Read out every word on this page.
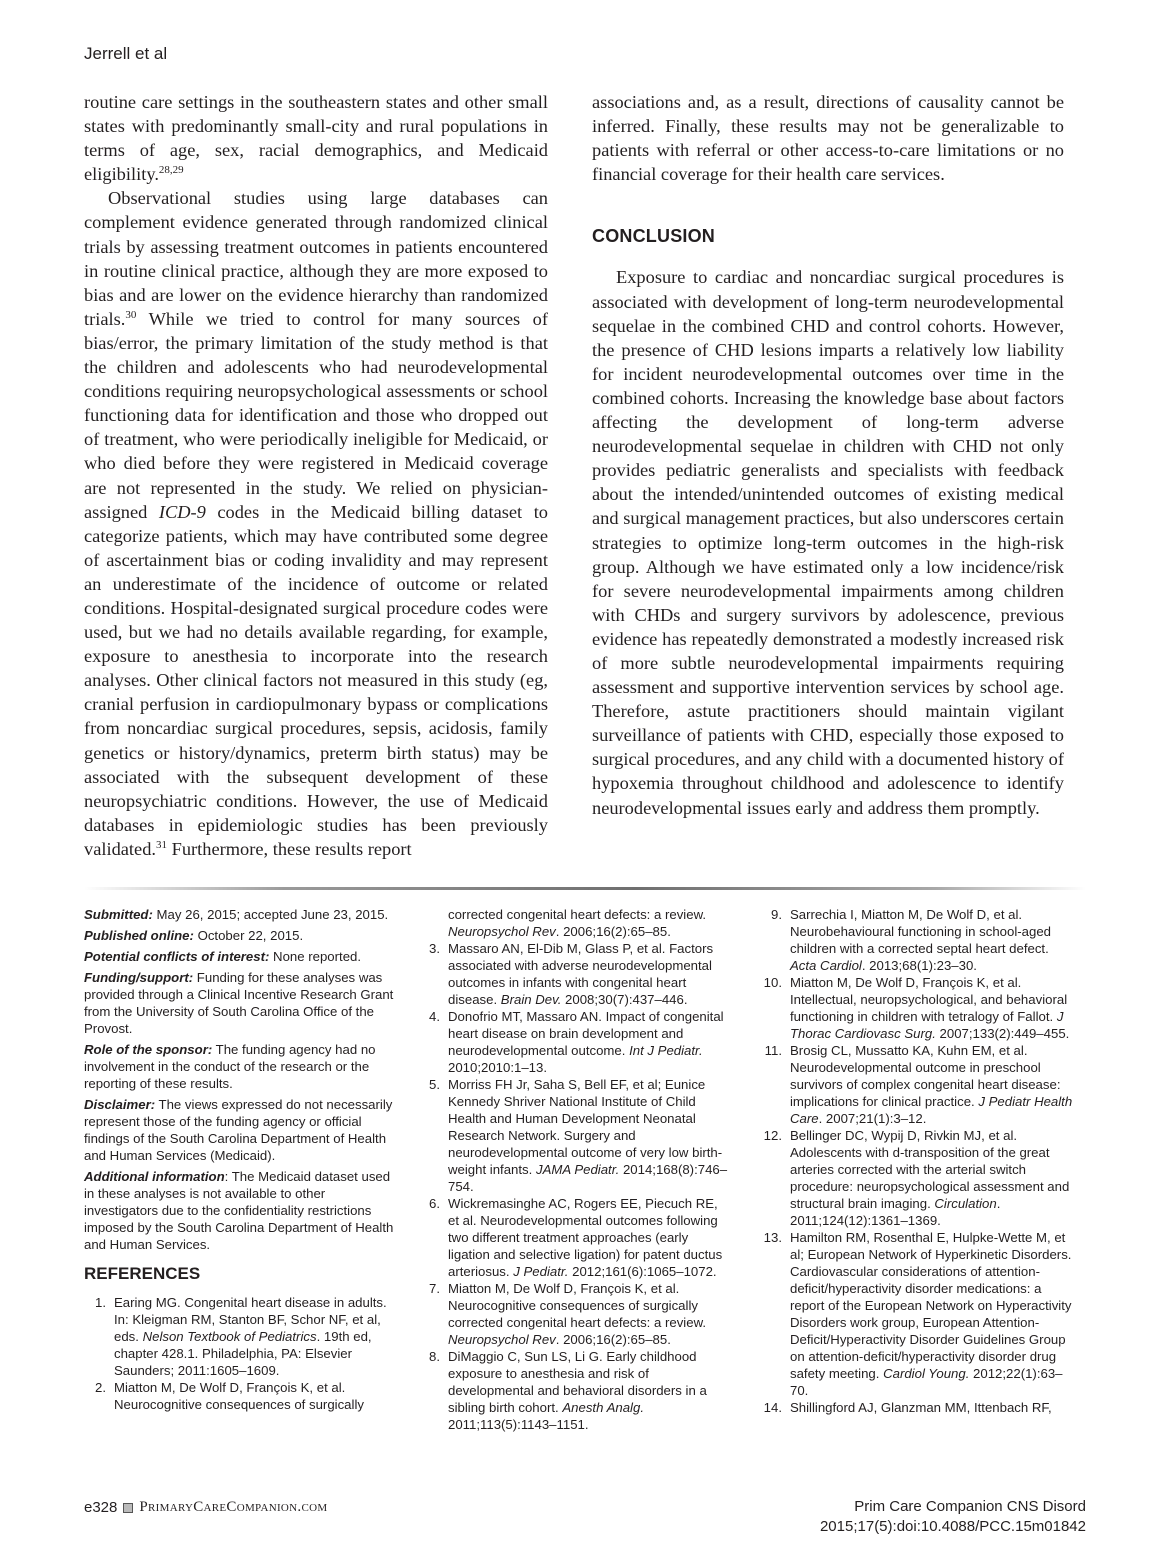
Jerrell et al

routine care settings in the southeastern states and other small states with predominantly small-city and rural populations in terms of age, sex, racial demographics, and Medicaid eligibility.$^{28,29}$

Observational studies using large databases can complement evidence generated through randomized clinical trials by assessing treatment outcomes in patients encountered in routine clinical practice, although they are more exposed to bias and are lower on the evidence hierarchy than randomized trials.$^{30}$ While we tried to control for many sources of bias/error, the primary limitation of the study method is that the children and adolescents who had neurodevelopmental conditions requiring neuropsychological assessments or school functioning data for identification and those who dropped out of treatment, who were periodically ineligible for Medicaid, or who died before they were registered in Medicaid coverage are not represented in the study. We relied on physician-assigned ICD-9 codes in the Medicaid billing dataset to categorize patients, which may have contributed some degree of ascertainment bias or coding invalidity and may represent an underestimate of the incidence of outcome or related conditions. Hospital-designated surgical procedure codes were used, but we had no details available regarding, for example, exposure to anesthesia to incorporate into the research analyses. Other clinical factors not measured in this study (eg, cranial perfusion in cardiopulmonary bypass or complications from noncardiac surgical procedures, sepsis, acidosis, family genetics or history/dynamics, preterm birth status) may be associated with the subsequent development of these neuropsychiatric conditions. However, the use of Medicaid databases in epidemiologic studies has been previously validated.$^{31}$ Furthermore, these results report

associations and, as a result, directions of causality cannot be inferred. Finally, these results may not be generalizable to patients with referral or other access-to-care limitations or no financial coverage for their health care services.

CONCLUSION

Exposure to cardiac and noncardiac surgical procedures is associated with development of long-term neurodevelopmental sequelae in the combined CHD and control cohorts. However, the presence of CHD lesions imparts a relatively low liability for incident neurodevelopmental outcomes over time in the combined cohorts. Increasing the knowledge base about factors affecting the development of long-term adverse neurodevelopmental sequelae in children with CHD not only provides pediatric generalists and specialists with feedback about the intended/unintended outcomes of existing medical and surgical management practices, but also underscores certain strategies to optimize long-term outcomes in the high-risk group. Although we have estimated only a low incidence/risk for severe neurodevelopmental impairments among children with CHDs and surgery survivors by adolescence, previous evidence has repeatedly demonstrated a modestly increased risk of more subtle neurodevelopmental impairments requiring assessment and supportive intervention services by school age. Therefore, astute practitioners should maintain vigilant surveillance of patients with CHD, especially those exposed to surgical procedures, and any child with a documented history of hypoxemia throughout childhood and adolescence to identify neurodevelopmental issues early and address them promptly.

Submitted: May 26, 2015; accepted June 23, 2015.
Published online: October 22, 2015.
Potential conflicts of interest: None reported.
Funding/support: Funding for these analyses was provided through a Clinical Incentive Research Grant from the University of South Carolina Office of the Provost.
Role of the sponsor: The funding agency had no involvement in the conduct of the research or the reporting of these results.
Disclaimer: The views expressed do not necessarily represent those of the funding agency or official findings of the South Carolina Department of Health and Human Services (Medicaid).
Additional information: The Medicaid dataset used in these analyses is not available to other investigators due to the confidentiality restrictions imposed by the South Carolina Department of Health and Human Services.
REFERENCES
1. Earing MG. Congenital heart disease in adults. In: Kleigman RM, Stanton BF, Schor NF, et al, eds. Nelson Textbook of Pediatrics. 19th ed, chapter 428.1. Philadelphia, PA: Elsevier Saunders; 2011:1605–1609.
2. Miatton M, De Wolf D, François K, et al. Neurocognitive consequences of surgically
corrected congenital heart defects: a review. Neuropsychol Rev. 2006;16(2):65–85.
3. Massaro AN, El-Dib M, Glass P, et al. Factors associated with adverse neurodevelopmental outcomes in infants with congenital heart disease. Brain Dev. 2008;30(7):437–446.
4. Donofrio MT, Massaro AN. Impact of congenital heart disease on brain development and neurodevelopmental outcome. Int J Pediatr. 2010;2010:1–13.
5. Morriss FH Jr, Saha S, Bell EF, et al; Eunice Kennedy Shriver National Institute of Child Health and Human Development Neonatal Research Network. Surgery and neurodevelopmental outcome of very low birth-weight infants. JAMA Pediatr. 2014;168(8):746–754.
6. Wickremasinghe AC, Rogers EE, Piecuch RE, et al. Neurodevelopmental outcomes following two different treatment approaches (early ligation and selective ligation) for patent ductus arteriosus. J Pediatr. 2012;161(6):1065–1072.
7. Miatton M, De Wolf D, François K, et al. Neurocognitive consequences of surgically corrected congenital heart defects: a review. Neuropsychol Rev. 2006;16(2):65–85.
8. DiMaggio C, Sun LS, Li G. Early childhood exposure to anesthesia and risk of developmental and behavioral disorders in a sibling birth cohort. Anesth Analg. 2011;113(5):1143–1151.
9. Sarrechia I, Miatton M, De Wolf D, et al. Neurobehavioural functioning in school-aged children with a corrected septal heart defect. Acta Cardiol. 2013;68(1):23–30.
10. Miatton M, De Wolf D, François K, et al. Intellectual, neuropsychological, and behavioral functioning in children with tetralogy of Fallot. J Thorac Cardiovasc Surg. 2007;133(2):449–455.
11. Brosig CL, Mussatto KA, Kuhn EM, et al. Neurodevelopmental outcome in preschool survivors of complex congenital heart disease: implications for clinical practice. J Pediatr Health Care. 2007;21(1):3–12.
12. Bellinger DC, Wypij D, Rivkin MJ, et al. Adolescents with d-transposition of the great arteries corrected with the arterial switch procedure: neuropsychological assessment and structural brain imaging. Circulation. 2011;124(12):1361–1369.
13. Hamilton RM, Rosenthal E, Hulpke-Wette M, et al; European Network of Hyperkinetic Disorders. Cardiovascular considerations of attention-deficit/hyperactivity disorder medications: a report of the European Network on Hyperactivity Disorders work group, European Attention-Deficit/Hyperactivity Disorder Guidelines Group on attention-deficit/hyperactivity disorder drug safety meeting. Cardiol Young. 2012;22(1):63–70.
14. Shillingford AJ, Glanzman MM, Ittenbach RF,
e328 PrimaryCareCompanion.com	Prim Care Companion CNS Disord
2015;17(5):doi:10.4088/PCC.15m01842
